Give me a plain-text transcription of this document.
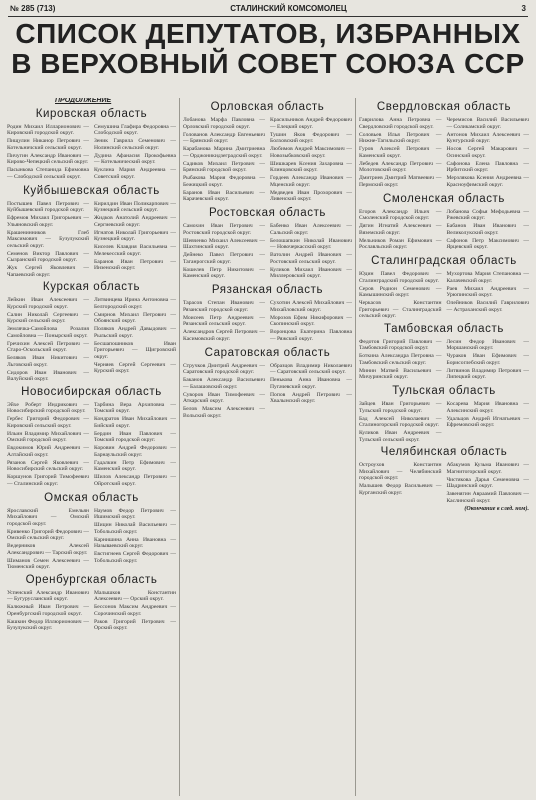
№ 285 (713)	СТАЛИНСКИЙ КОМСОМОЛЕЦ	3
СПИСОК ДЕПУТАТОВ, ИЗБРАННЫХ
В ВЕРХОВНЫЙ СОВЕТ СОЮЗА ССР
ПРОДОЛЖЕНИЕ
Кировская область
Родин Михаил Илларионович — Кировский городской округ.
Пищулин Никанор Петрович — Котельничский сельский округ.
Пичугин Александр Иванович — Кирово-Чепецкий сельский округ.
Пасынкова Степанида Ефимовна — Слободской сельский округ.
Семушина Глафира Федоровна — Слободской округ.
Зеник Гаврила Семенович — Нолинский сельский округ.
Дудина Афанасия Прокофьевна — Котельнический округ.
Куклина Мария Андреевна — Советский округ.
Куйбышевская область
Постышев Павел Петрович — Куйбышевский городской округ.
Ефремов Михаил Григорьевич — Ульяновский округ.
Крашенинников Глеб Максимович — Бузулукский сельский округ.
Семенов Виктор Павлович — Сызранский городской округ.
Жук Сергей Яковлевич — Чапаевский округ.
Кирилдин Иван Поликарпович — Кузнецкий сельский округ.
Жидков Анатолий Андреевич — Сергиевский округ.
Игнатов Николай Григорьевич — Кузнецкий округ.
Киселев Клавдия Васильевна — Мелекесский округ.
Баранов Иван Петрович — Инзенский округ.
Курская область
Лейкин Иван Алексеевич — Курский городской округ.
Салин Николай Сергеевич — Курский сельский округ.
Землячка-Самойлова Розалия Самойловна — Понырский округ.
Гречихин Алексей Петрович — Старо-Оскольский округ.
Беляков Иван Никитович — Льговский округ.
Сидоров Иван Иванович — Валуйский округ.
Литвинцева Ирина Антоновна — Белгородский округ.
Смирнов Михаил Петрович — Обоянский округ.
Поляков Андрей Давыдович — Рыльский округ.
Бесшапошников Иван Григорьевич — Щигровский округ.
Черняев Сергей Сергеевич — Курский округ.
Новосибирская область
Эйхе Роберт Индрикович — Новосибирский городской округ.
Гербес Григорий Федорович — Кировский сельский округ.
Ильин Владимир Михайлович — Омский городской округ.
Евдокимов Юрий Андреевич — Алтайский округ.
Рязанов Сергей Яковлевич — Новосибирский сельский округ.
Коршунов Григорий Тимофеевич — Сталинский округ.
Тарбина Вера Архиповна — Томский округ.
Кондратов Иван Михайлович — Бийский округ.
Бердин Иван Павлович — Томский городской округ.
Коровин Андрей Федорович — Барнаульский округ.
Гадалкин Петр Ефимович — Каменский округ.
Шилов Александр Петрович — Ойротский округ.
Омская область
Ярославский Емельян Михайлович — Омский городской округ.
Кривенко Григорий Федорович — Омский сельский округ.
Ведерников Алексей Александрович — Тарский округ.
Шиманов Семен Алексеевич — Тюменский округ.
Наумов Федор Петрович — Ишимский округ.
Шицин Николай Васильевич — Тобольский округ.
Карнишина Анна Ивановна — Называевский округ.
Евстигнеев Сергей Федорович — Тобольский округ.
Оренбургская область
Успенский Александр Иванович — Бугурусланский округ.
Калюжный Иван Петрович — Оренбургский городской округ.
Кашкин Федор Иллюрионович — Бузулукский округ.
Малышков Константин Алексеевич — Орский округ.
Бессонов Максим Андреевич — Сорочинский округ.
Раков Григорий Петрович — Орский округ.
Орловская область
Лобанова Марфа Павловна — Орловский городской округ.
Голованов Александр Евгеньевич — Брянский округ.
Карабанова Марина Дмитриевна — Орджоникидзеградский округ.
Садиков Михаил Петрович — Брянский городской округ.
Рыбакова Мария Федоровна — Бежицкий округ.
Баранов Иван Васильевич — Карачевский округ.
Красильников Андрей Федорович — Елецкий округ.
Тушин Яков Федорович — Болховский округ.
Любимов Андрей Максимович — Новозыбковский округ.
Шишкарев Ксения Захаровна — Клинцовский округ.
Гордеев Александр Иванович — Мценский округ.
Медведев Иван Прохорович — Ливенский округ.
Ростовская область
Самохин Иван Петрович — Ростовский городской округ.
Шевченко Михаил Алексеевич — Шахтинский округ.
Дейнеко Павел Петрович — Таганрогский округ.
Кошелев Петр Никитович — Каменский округ.
Бабенко Иван Алексеевич — Сальский округ.
Белошапкин Николай Иванович — Новочеркасский округ.
Ватолин Андрей Иванович — Ростовский сельский округ.
Куликов Михаил Иванович — Миллеровский округ.
Рязанская область
Тарасов Степан Иванович — Рязанский городской округ.
Моисеев Петр Андреевич — Рязанский сельский округ.
Александров Сергей Петрович — Касимовский округ.
Сухотин Алексей Михайлович — Михайловский округ.
Морозов Ефим Никифорович — Скопинский округ.
Воронцова Екатерина Павловна — Ряжский округ.
Саратовская область
Стручков Дмитрий Андреевич — Саратовский городской округ.
Баканов Александр Васильевич — Балашовский округ.
Суворов Иван Тимофеевич — Аткарский округ.
Белов Максим Алексеевич — Вольский округ.
Образцов Владимир Николаевич — Саратовский сельский округ.
Пенькова Анна Ивановна — Пугачевский округ.
Попов Андрей Петрович — Хвалынский округ.
Свердловская область
Гаврилова Анна Петровна — Свердловский городской округ.
Соловьев Илья Петрович — Нижне-Тагильский округ.
Гуров Алексей Петрович — Каменский округ.
Лебедев Александр Петрович — Молотовский округ.
Дмитриев Дмитрий Матвеевич — Пермский округ.
Черемисов Василий Васильевич — Соликамский округ.
Антонов Михаил Алексеевич — Кунгурский округ.
Носов Сергей Макарович — Осинский округ.
Сафонова Елена Павловна — Ирбитский округ.
Мерзлякова Ксения Андреевна — Красноуфимский округ.
Смоленская область
Егоров Александр Ильич — Смоленский городской округ.
Дягин Игнатий Алексеевич — Вяземский округ.
Мельников Роман Ефимович — Рославльский округ.
Лобанова Софья Мефодьевна — Ржевский округ.
Бабанов Иван Иванович — Великолукский округ.
Сафонов Петр Максимович — Ярцевский округ.
Сталинградская область
Юдин Павел Федорович — Сталинградский городской округ.
Серов Родион Семенович — Камышинский округ.
Черкасов Константин Григорьевич — Сталинградский сельский округ.
Мухортова Мария Степановна — Калачевский округ.
Раев Михаил Андреевич — Урюпинский округ.
Олейников Василий Гаврилович — Астраханский округ.
Тамбовская область
Федотов Григорий Павлович — Тамбовский городской округ.
Боткина Александра Петровна — Тамбовский сельский округ.
Минин Матвей Васильевич — Мичуринский округ.
Лесин Федор Иванович — Моршанский округ.
Чураков Иван Ефимович — Борисоглебский округ.
Литвинов Владимир Петрович — Липецкий округ.
Тульская область
Зайцев Иван Григорьевич — Тульский городской округ.
Бад Алексей Николаевич — Сталиногорский городской округ.
Куликов Иван Андреевич — Тульский сельский округ.
Косарева Мария Ивановна — Алексинский округ.
Удальцов Андрей Игнатьевич — Ефремовский округ.
Челябинская область
Остроухов Константин Михайлович — Челябинский городской округ.
Малышев Федор Васильевич — Курганский округ.
Абакумов Кузьма Иванович — Магнитогорский округ.
Чистякова Дарья Семеновна — Шадринский округ.
Завенягин Авраамий Павлович — Каслинский округ.
(Окончание в след. ном).
